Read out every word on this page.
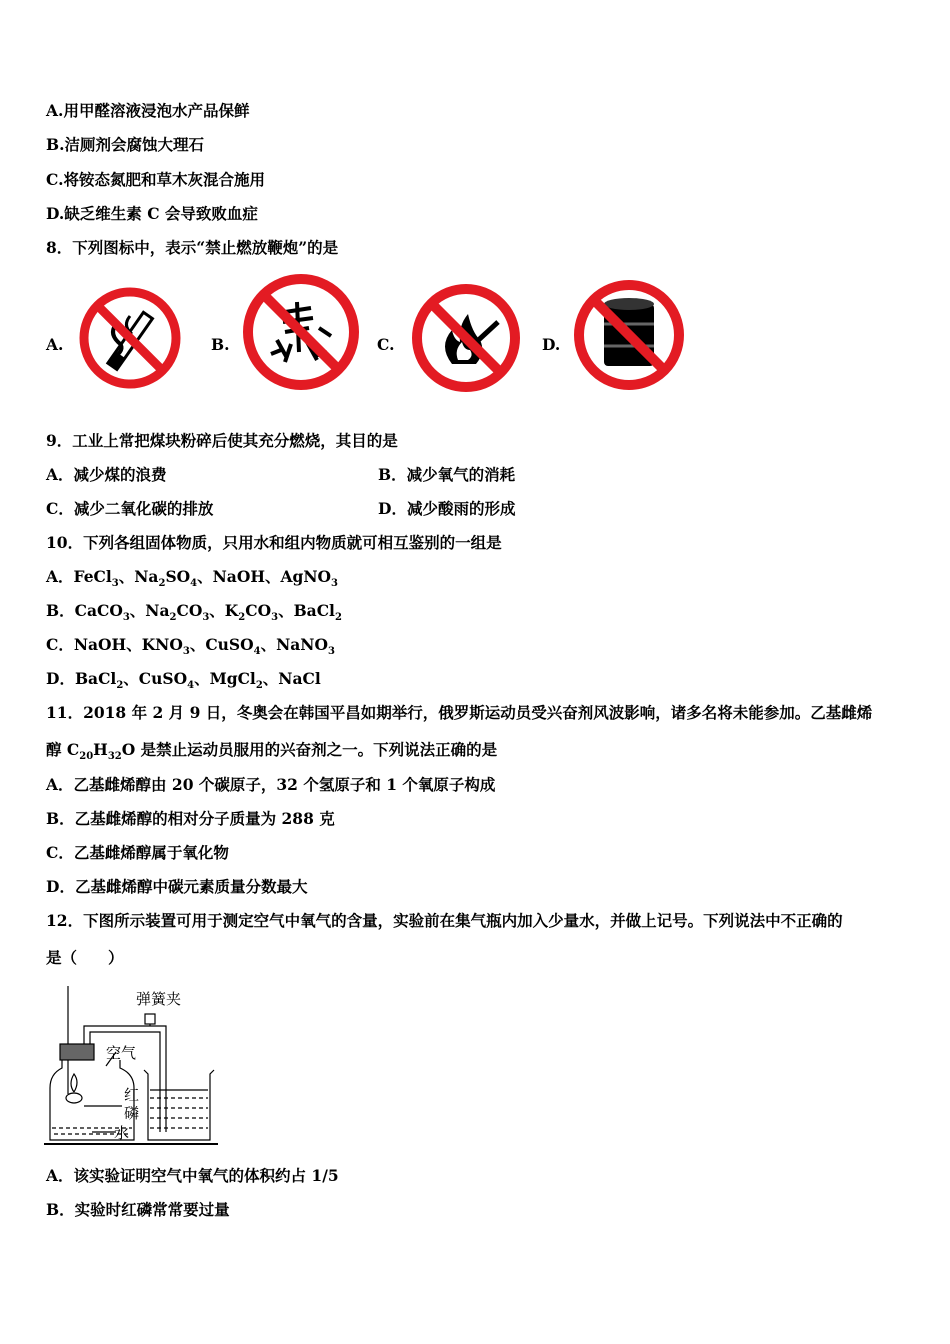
A.用甲醛溶液浸泡水产品保鲜
B.洁厕剂会腐蚀大理石
C.将铵态氮肥和草木灰混合施用
D.缺乏维生素 C 会导致败血症
8．下列图标中，表示“禁止燃放鞭炮”的是
A.	B.	C.	D.
9．工业上常把煤块粉碎后使其充分燃烧，其目的是
A．减少煤的浪费	B．减少氧气的消耗
C．减少二氧化碳的排放	D．减少酸雨的形成
10．下列各组固体物质，只用水和组内物质就可相互鉴别的一组是
A．FeCl$_3$、$Na_2SO_4$、NaOH、AgNO$_3$
B．CaCO$_3$、$Na_2CO_3$、$K_2CO_3$、BaCl$_2$
C．NaOH、$KNO_3$、CuSO$_4$、NaNO$_3$
D．BaCl$_2$、CuSO$_4$、MgCl$_2$、NaCl
11．2018 年 2 月 9 日，冬奥会在韩国平昌如期举行，俄罗斯运动员受兴奋剂风波影响，诸多名将未能参加。乙基雌烯
醇 $C_{20}H_{32}O$ 是禁止运动员服用的兴奋剂之一。下列说法正确的是
A．乙基雌烯醇由 20 个碳原子，32 个氢原子和 1 个氧原子构成
B．乙基雌烯醇的相对分子质量为 288 克
C．乙基雌烯醇属于氧化物
D．乙基雌烯醇中碳元素质量分数最大
12．下图所示装置可用于测定空气中氧气的含量，实验前在集气瓶内加入少量水，并做上记号。下列说法中不正确的
是（　　）
弹簧夹
空气
红
磷
水
A．该实验证明空气中氧气的体积约占 1/5
B．实验时红磷常常要过量
